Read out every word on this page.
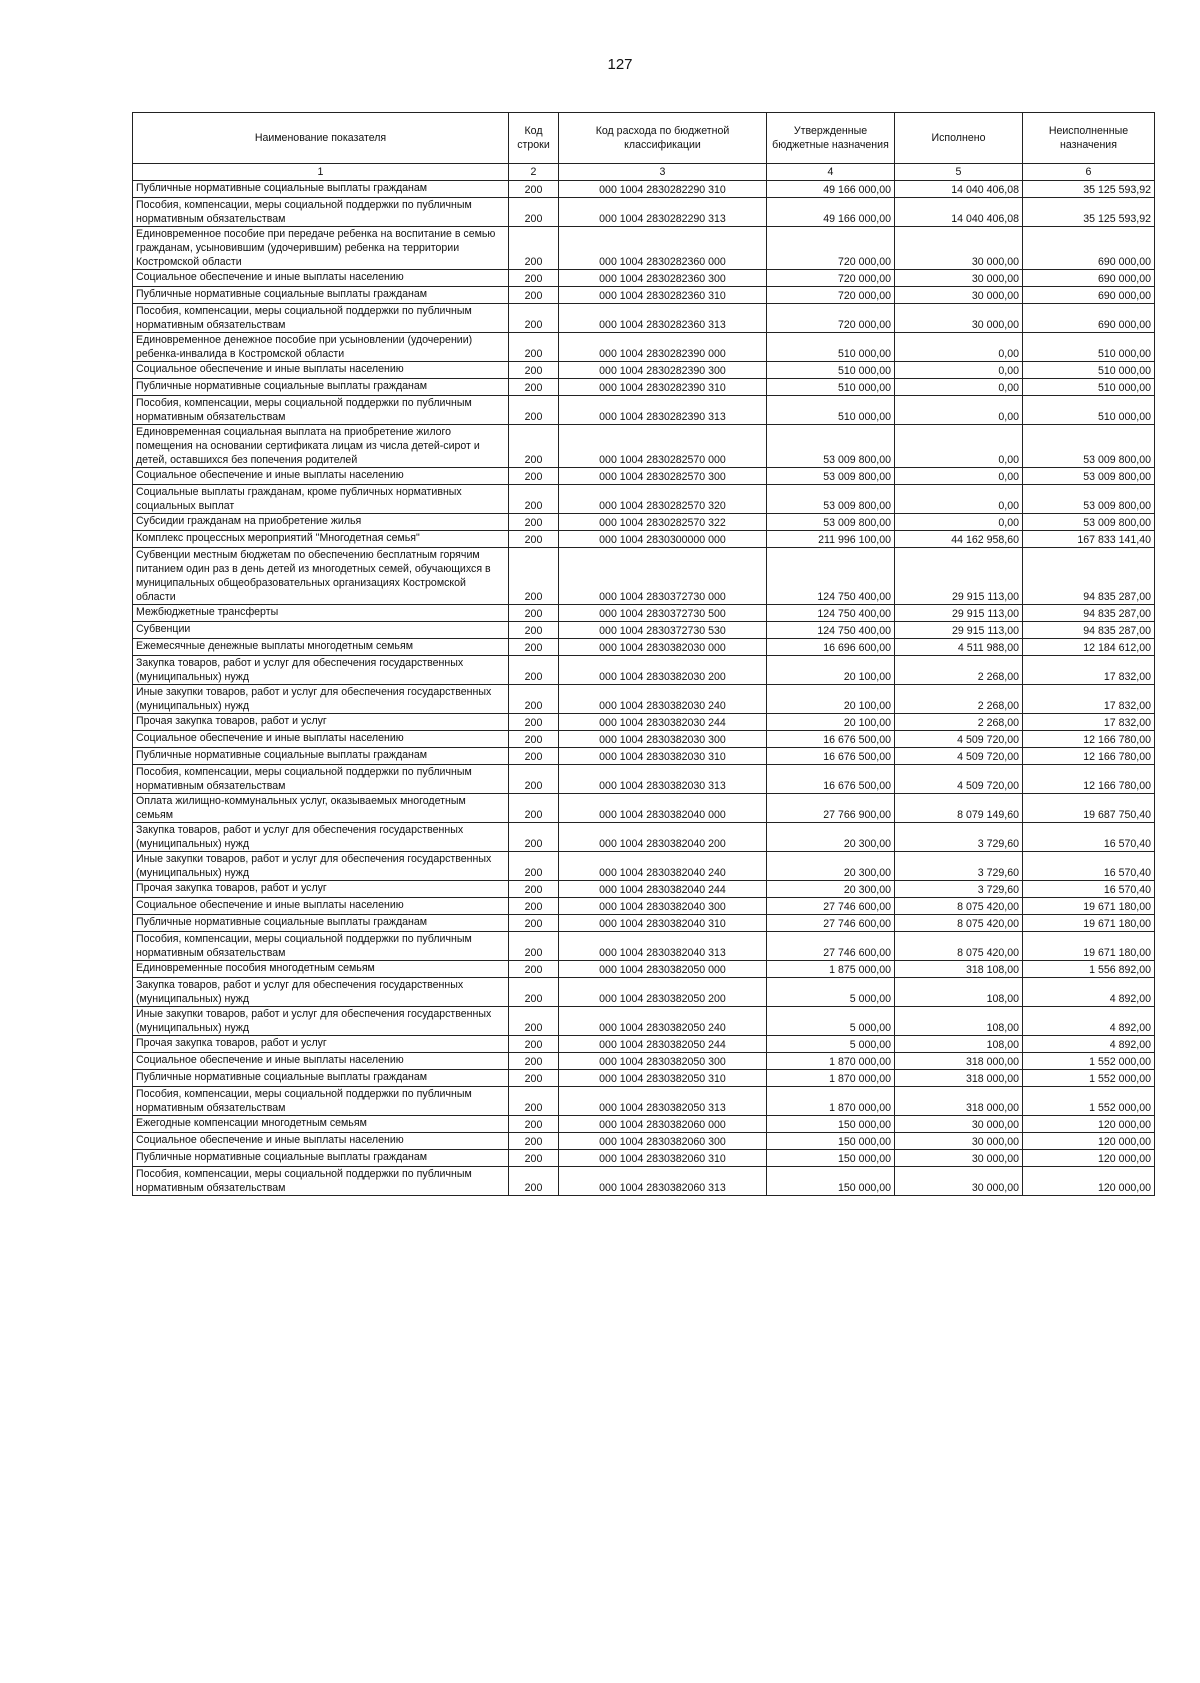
127
Наименование показателя	Код строки	Код расхода по бюджетной классификации	Утвержденные бюджетные назначения	Исполнено	Неисполненные назначения
1	2	3	4	5	6
Публичные нормативные социальные выплаты гражданам	200	000 1004 2830282290 310	49 166 000,00	14 040 406,08	35 125 593,92
Пособия, компенсации, меры социальной поддержки по публичным нормативным обязательствам	200	000 1004 2830282290 313	49 166 000,00	14 040 406,08	35 125 593,92
Единовременное пособие при передаче ребенка на воспитание в семью гражданам, усыновившим (удочерившим) ребенка на территории Костромской области	200	000 1004 2830282360 000	720 000,00	30 000,00	690 000,00
Социальное обеспечение и иные выплаты населению	200	000 1004 2830282360 300	720 000,00	30 000,00	690 000,00
Публичные нормативные социальные выплаты гражданам	200	000 1004 2830282360 310	720 000,00	30 000,00	690 000,00
Пособия, компенсации, меры социальной поддержки по публичным нормативным обязательствам	200	000 1004 2830282360 313	720 000,00	30 000,00	690 000,00
Единовременное денежное пособие при усыновлении (удочерении) ребенка-инвалида в Костромской области	200	000 1004 2830282390 000	510 000,00	0,00	510 000,00
Социальное обеспечение и иные выплаты населению	200	000 1004 2830282390 300	510 000,00	0,00	510 000,00
Публичные нормативные социальные выплаты гражданам	200	000 1004 2830282390 310	510 000,00	0,00	510 000,00
Пособия, компенсации, меры социальной поддержки по публичным нормативным обязательствам	200	000 1004 2830282390 313	510 000,00	0,00	510 000,00
Единовременная социальная выплата на приобретение жилого помещения на основании сертификата лицам из числа детей-сирот и детей, оставшихся без попечения родителей	200	000 1004 2830282570 000	53 009 800,00	0,00	53 009 800,00
Социальное обеспечение и иные выплаты населению	200	000 1004 2830282570 300	53 009 800,00	0,00	53 009 800,00
Социальные выплаты гражданам, кроме публичных нормативных социальных выплат	200	000 1004 2830282570 320	53 009 800,00	0,00	53 009 800,00
Субсидии гражданам на приобретение жилья	200	000 1004 2830282570 322	53 009 800,00	0,00	53 009 800,00
Комплекс процессных мероприятий "Многодетная семья"	200	000 1004 2830300000 000	211 996 100,00	44 162 958,60	167 833 141,40
Субвенции местным бюджетам по обеспечению бесплатным горячим питанием один раз в день детей из многодетных семей, обучающихся в муниципальных общеобразовательных организациях Костромской области	200	000 1004 2830372730 000	124 750 400,00	29 915 113,00	94 835 287,00
Межбюджетные трансферты	200	000 1004 2830372730 500	124 750 400,00	29 915 113,00	94 835 287,00
Субвенции	200	000 1004 2830372730 530	124 750 400,00	29 915 113,00	94 835 287,00
Ежемесячные денежные выплаты многодетным семьям	200	000 1004 2830382030 000	16 696 600,00	4 511 988,00	12 184 612,00
Закупка товаров, работ и услуг для обеспечения государственных (муниципальных) нужд	200	000 1004 2830382030 200	20 100,00	2 268,00	17 832,00
Иные закупки товаров, работ и услуг для обеспечения государственных (муниципальных) нужд	200	000 1004 2830382030 240	20 100,00	2 268,00	17 832,00
Прочая закупка товаров, работ и услуг	200	000 1004 2830382030 244	20 100,00	2 268,00	17 832,00
Социальное обеспечение и иные выплаты населению	200	000 1004 2830382030 300	16 676 500,00	4 509 720,00	12 166 780,00
Публичные нормативные социальные выплаты гражданам	200	000 1004 2830382030 310	16 676 500,00	4 509 720,00	12 166 780,00
Пособия, компенсации, меры социальной поддержки по публичным нормативным обязательствам	200	000 1004 2830382030 313	16 676 500,00	4 509 720,00	12 166 780,00
Оплата жилищно-коммунальных услуг, оказываемых многодетным семьям	200	000 1004 2830382040 000	27 766 900,00	8 079 149,60	19 687 750,40
Закупка товаров, работ и услуг для обеспечения государственных (муниципальных) нужд	200	000 1004 2830382040 200	20 300,00	3 729,60	16 570,40
Иные закупки товаров, работ и услуг для обеспечения государственных (муниципальных) нужд	200	000 1004 2830382040 240	20 300,00	3 729,60	16 570,40
Прочая закупка товаров, работ и услуг	200	000 1004 2830382040 244	20 300,00	3 729,60	16 570,40
Социальное обеспечение и иные выплаты населению	200	000 1004 2830382040 300	27 746 600,00	8 075 420,00	19 671 180,00
Публичные нормативные социальные выплаты гражданам	200	000 1004 2830382040 310	27 746 600,00	8 075 420,00	19 671 180,00
Пособия, компенсации, меры социальной поддержки по публичным нормативным обязательствам	200	000 1004 2830382040 313	27 746 600,00	8 075 420,00	19 671 180,00
Единовременные пособия многодетным семьям	200	000 1004 2830382050 000	1 875 000,00	318 108,00	1 556 892,00
Закупка товаров, работ и услуг для обеспечения государственных (муниципальных) нужд	200	000 1004 2830382050 200	5 000,00	108,00	4 892,00
Иные закупки товаров, работ и услуг для обеспечения государственных (муниципальных) нужд	200	000 1004 2830382050 240	5 000,00	108,00	4 892,00
Прочая закупка товаров, работ и услуг	200	000 1004 2830382050 244	5 000,00	108,00	4 892,00
Социальное обеспечение и иные выплаты населению	200	000 1004 2830382050 300	1 870 000,00	318 000,00	1 552 000,00
Публичные нормативные социальные выплаты гражданам	200	000 1004 2830382050 310	1 870 000,00	318 000,00	1 552 000,00
Пособия, компенсации, меры социальной поддержки по публичным нормативным обязательствам	200	000 1004 2830382050 313	1 870 000,00	318 000,00	1 552 000,00
Ежегодные компенсации многодетным семьям	200	000 1004 2830382060 000	150 000,00	30 000,00	120 000,00
Социальное обеспечение и иные выплаты населению	200	000 1004 2830382060 300	150 000,00	30 000,00	120 000,00
Публичные нормативные социальные выплаты гражданам	200	000 1004 2830382060 310	150 000,00	30 000,00	120 000,00
Пособия, компенсации, меры социальной поддержки по публичным нормативным обязательствам	200	000 1004 2830382060 313	150 000,00	30 000,00	120 000,00
